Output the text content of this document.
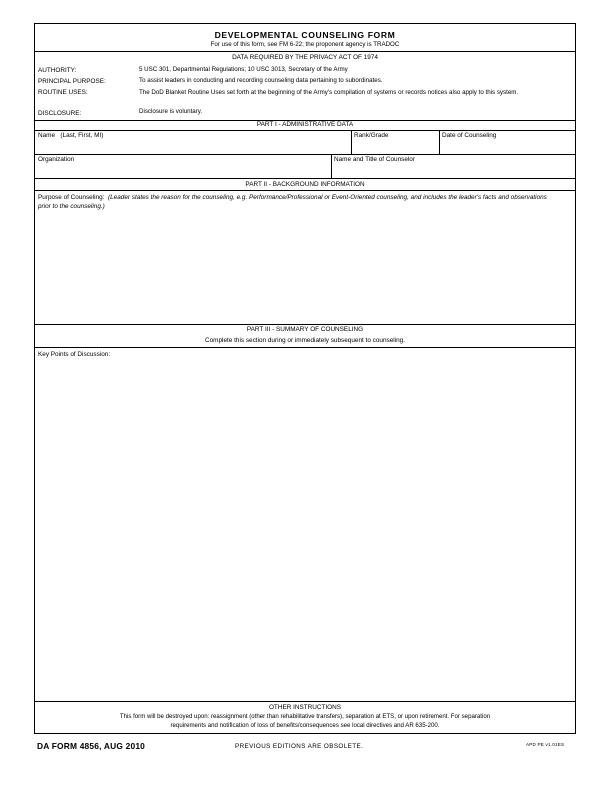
DEVELOPMENTAL COUNSELING FORM
For use of this form, see FM 6-22; the proponent agency is TRADOC
DATA REQUIRED BY THE PRIVACY ACT OF 1974
AUTHORITY:	5 USC 301, Departmental Regulations; 10 USC 3013, Secretary of the Army
PRINCIPAL PURPOSE:	To assist leaders in conducting and recording counseling data pertaining to subordinates.
ROUTINE USES:	The DoD Blanket Routine Uses set forth at the beginning of the Army's compilation of systems or records notices also apply to this system.
DISCLOSURE:	Disclosure is voluntary.
PART I - ADMINISTRATIVE DATA
Name (Last, First, MI)	Rank/Grade	Date of Counseling
Organization	Name and Title of Counselor
PART II - BACKGROUND INFORMATION
Purpose of Counseling: (Leader states the reason for the counseling, e.g. Performance/Professional or Event-Oriented counseling, and includes the leader's facts and observations prior to the counseling.)
PART III - SUMMARY OF COUNSELING
Complete this section during or immediately subsequent to counseling.
Key Points of Discussion:
OTHER INSTRUCTIONS
This form will be destroyed upon: reassignment (other than rehabilitative transfers), separation at ETS, or upon retirement. For separation
requirements and notification of loss of benefits/consequences see local directives and AR 635-200.
DA FORM 4856, AUG 2010	PREVIOUS EDITIONS ARE OBSOLETE.	APD PE v1.01ES
